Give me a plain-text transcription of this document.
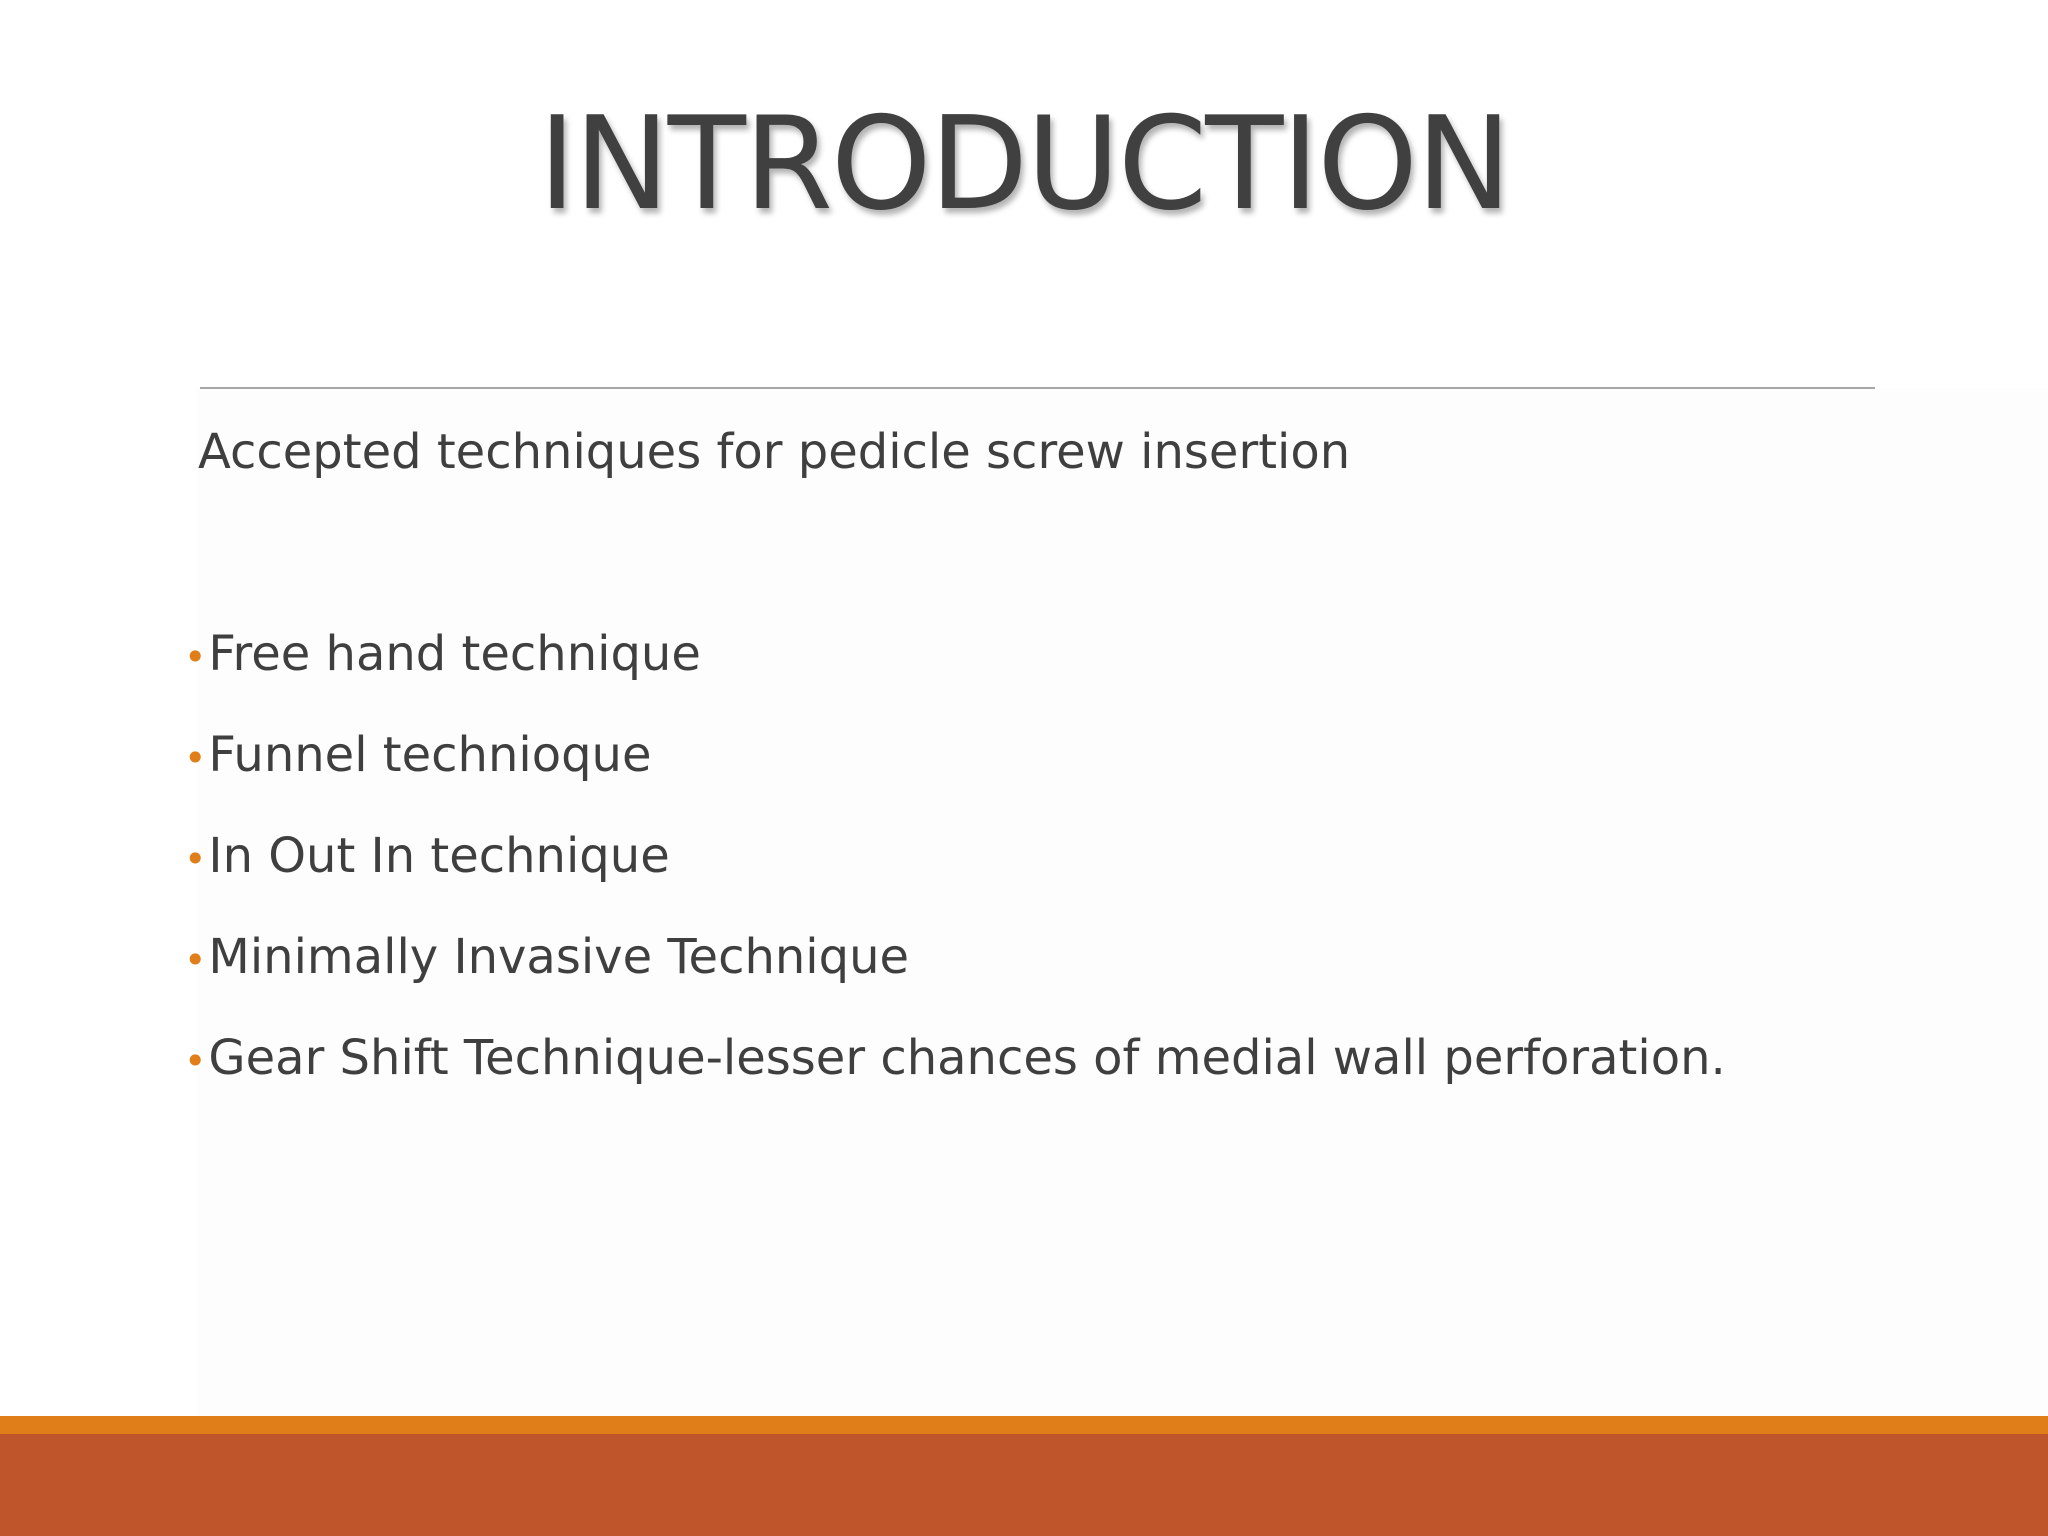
INTRODUCTION
Accepted techniques for pedicle screw insertion
• Free hand technique
• Funnel technioque
• In Out In technique
• Minimally Invasive Technique
• Gear Shift Technique-lesser chances of medial wall perforation.
